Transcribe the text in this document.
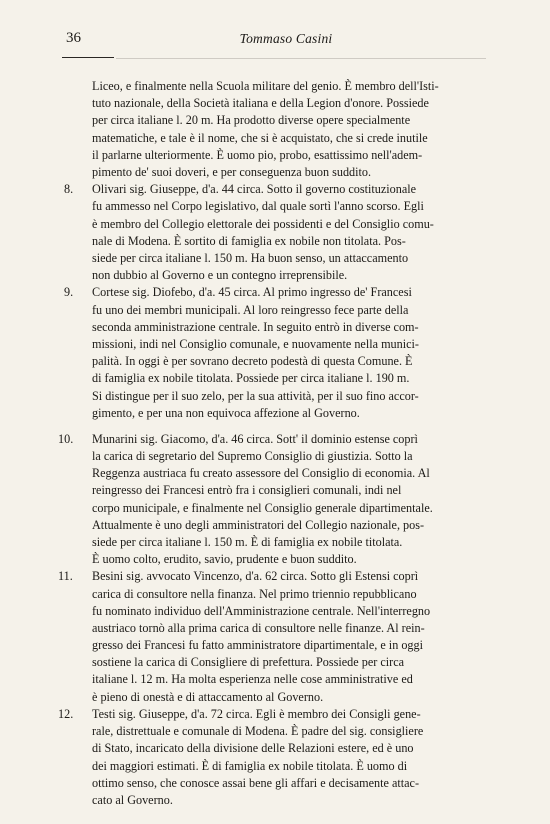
36	Tommaso Casini
Liceo, e finalmente nella Scuola militare del genio. È membro dell'Isti-
tuto nazionale, della Società italiana e della Legion d'onore. Possiede
per circa italiane l. 20 m. Ha prodotto diverse opere specialmente
matematiche, e tale è il nome, che si è acquistato, che si crede inutile
il parlarne ulteriormente. È uomo pio, probo, esattissimo nell'adem-
pimento de' suoi doveri, e per conseguenza buon suddito.
8. Olivari sig. Giuseppe, d'a. 44 circa. Sotto il governo costituzionale
fu ammesso nel Corpo legislativo, dal quale sortì l'anno scorso. Egli
è membro del Collegio elettorale dei possidenti e del Consiglio comu-
nale di Modena. È sortito di famiglia ex nobile non titolata. Pos-
siede per circa italiane l. 150 m. Ha buon senso, un attaccamento
non dubbio al Governo e un contegno irreprensibile.
9. Cortese sig. Diofebo, d'a. 45 circa. Al primo ingresso de' Francesi
fu uno dei membri municipali. Al loro reingresso fece parte della
seconda amministrazione centrale. In seguito entrò in diverse com-
missioni, indi nel Consiglio comunale, e nuovamente nella munici-
palità. In oggi è per sovrano decreto podestà di questa Comune. È
di famiglia ex nobile titolata. Possiede per circa italiane l. 190 m.
Si distingue per il suo zelo, per la sua attività, per il suo fino accor-
gimento, e per una non equivoca affezione al Governo.
10. Munarini sig. Giacomo, d'a. 46 circa. Sott' il dominio estense coprì
la carica di segretario del Supremo Consiglio di giustizia. Sotto la
Reggenza austriaca fu creato assessore del Consiglio di economia. Al
reingresso dei Francesi entrò fra i consiglieri comunali, indi nel
corpo municipale, e finalmente nel Consiglio generale dipartimentale.
Attualmente è uno degli amministratori del Collegio nazionale, pos-
siede per circa italiane l. 150 m. È di famiglia ex nobile titolata.
È uomo colto, erudito, savio, prudente e buon suddito.
11. Besini sig. avvocato Vincenzo, d'a. 62 circa. Sotto gli Estensi coprì
carica di consultore nella finanza. Nel primo triennio repubblicano
fu nominato individuo dell'Amministrazione centrale. Nell'interregno
austriaco tornò alla prima carica di consultore nelle finanze. Al rein-
gresso dei Francesi fu fatto amministratore dipartimentale, e in oggi
sostiene la carica di Consigliere di prefettura. Possiede per circa
italiane l. 12 m. Ha molta esperienza nelle cose amministrative ed
è pieno di onestà e di attaccamento al Governo.
12. Testi sig. Giuseppe, d'a. 72 circa. Egli è membro dei Consigli gene-
rale, distrettuale e comunale di Modena. È padre del sig. consigliere
di Stato, incaricato della divisione delle Relazioni estere, ed è uno
dei maggiori estimati. È di famiglia ex nobile titolata. È uomo di
ottimo senso, che conosce assai bene gli affari e decisamente attac-
cato al Governo.
